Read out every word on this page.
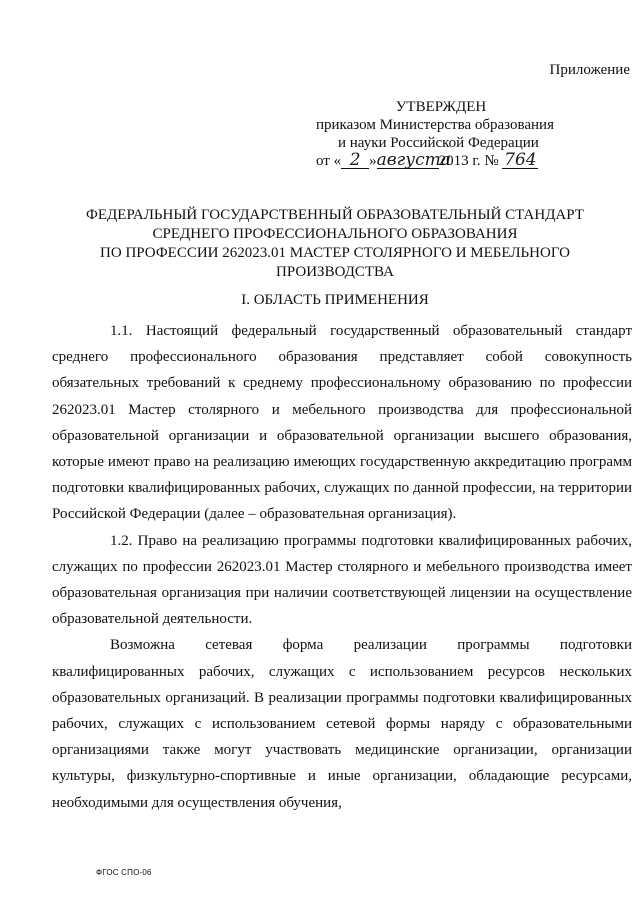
Приложение
УТВЕРЖДЕН
приказом Министерства образования
и науки Российской Федерации
от « 2 »августа2013 г. № 764
ФЕДЕРАЛЬНЫЙ ГОСУДАРСТВЕННЫЙ ОБРАЗОВАТЕЛЬНЫЙ СТАНДАРТ
СРЕДНЕГО ПРОФЕССИОНАЛЬНОГО ОБРАЗОВАНИЯ
ПО ПРОФЕССИИ 262023.01 МАСТЕР СТОЛЯРНОГО И МЕБЕЛЬНОГО
ПРОИЗВОДСТВА
I. ОБЛАСТЬ ПРИМЕНЕНИЯ

1.1. Настоящий федеральный государственный образовательный стандарт среднего профессионального образования представляет собой совокупность обязательных требований к среднему профессиональному образованию по профессии 262023.01 Мастер столярного и мебельного производства для профессиональной образовательной организации и образовательной организации высшего образования, которые имеют право на реализацию имеющих государственную аккредитацию программ подготовки квалифицированных рабочих, служащих по данной профессии, на территории Российской Федерации (далее – образовательная организация).

1.2. Право на реализацию программы подготовки квалифицированных рабочих, служащих по профессии 262023.01 Мастер столярного и мебельного производства имеет образовательная организация при наличии соответствующей лицензии на осуществление образовательной деятельности.

Возможна сетевая форма реализации программы подготовки квалифицированных рабочих, служащих с использованием ресурсов нескольких образовательных организаций. В реализации программы подготовки квалифицированных рабочих, служащих с использованием сетевой формы наряду с образовательными организациями также могут участвовать медицинские организации, организации культуры, физкультурно-спортивные и иные организации, обладающие ресурсами, необходимыми для осуществления обучения,

ФГОС СПО-06
